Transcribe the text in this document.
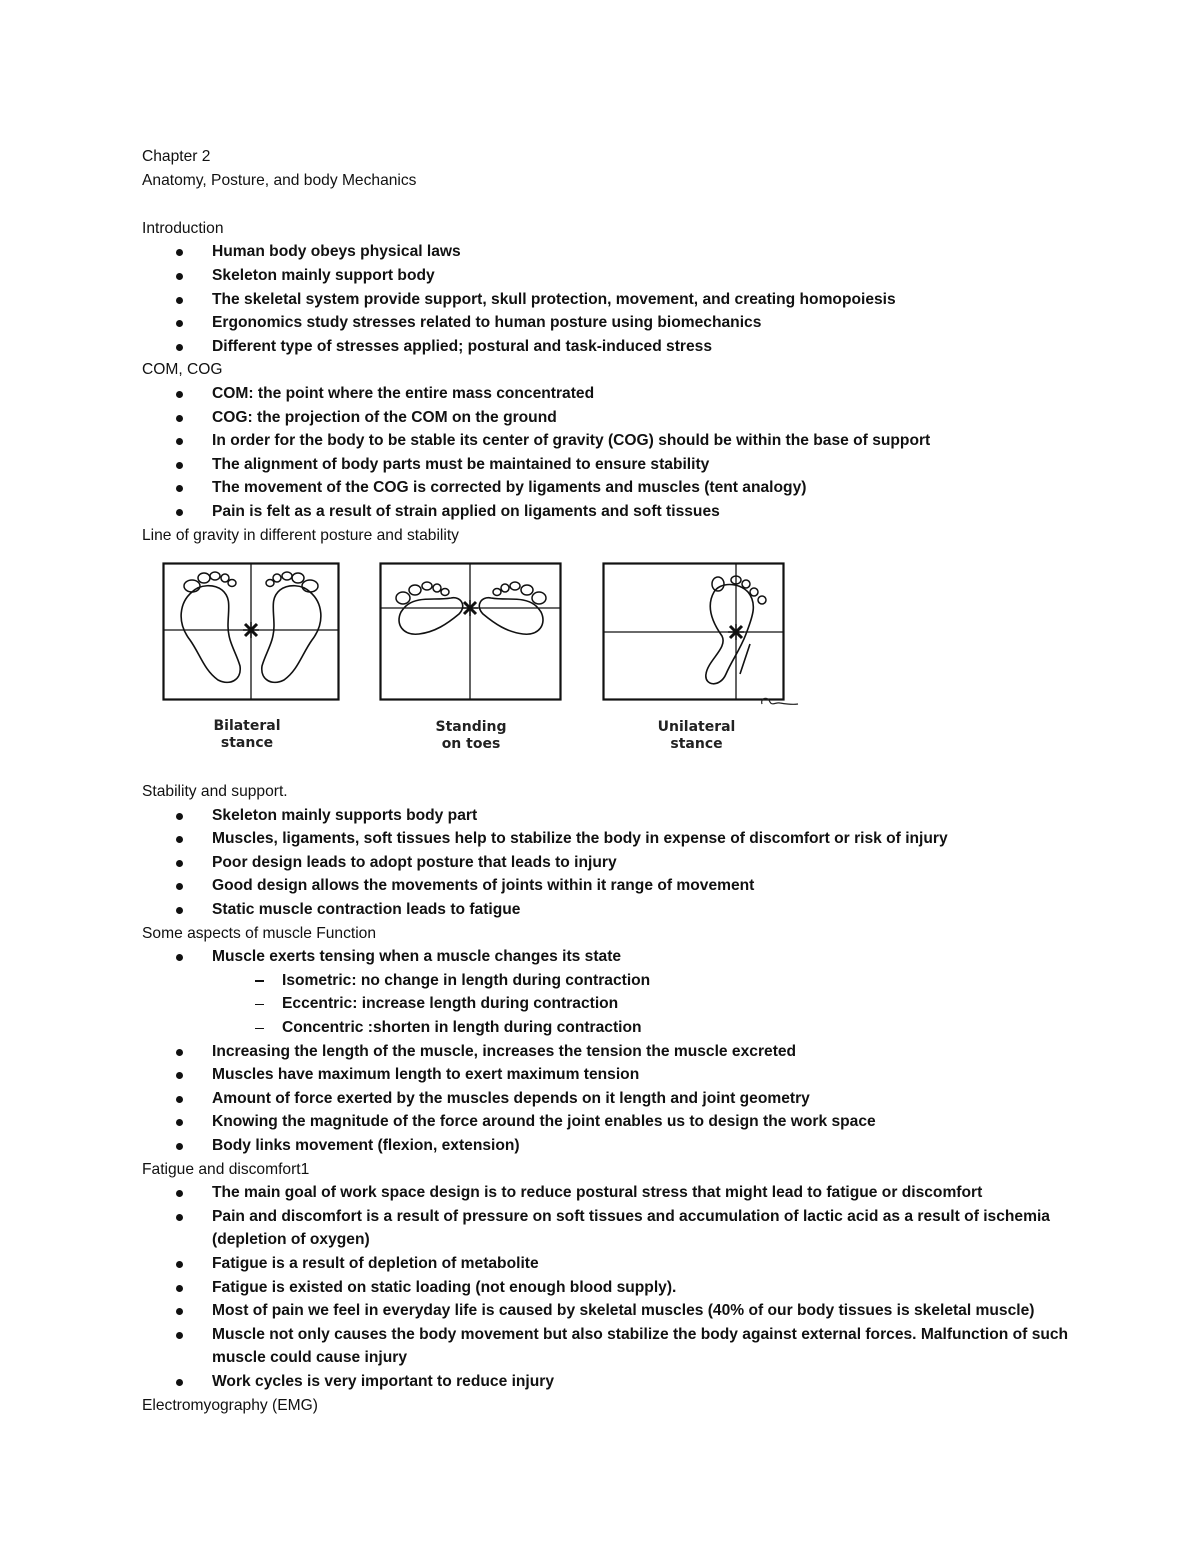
Chapter 2
Anatomy, Posture, and body Mechanics
Introduction
Human body obeys physical laws
Skeleton mainly support body
The skeletal system provide support, skull protection, movement, and creating homopoiesis
Ergonomics study stresses related to human posture using biomechanics
Different type of stresses applied; postural and task-induced stress
COM, COG
COM: the point where the entire mass concentrated
COG: the projection of the COM on the ground
In order for the body to be stable its center of gravity (COG) should be within the base of support
The alignment of body parts must be maintained to ensure stability
The movement of the COG is corrected by ligaments and muscles (tent analogy)
Pain is felt as a result of strain applied on ligaments and soft tissues
Line of gravity in different posture and stability
Bilateral
stance
Standing
on toes
Unilateral
stance
Stability and support.
Skeleton mainly supports body part
Muscles, ligaments, soft tissues help to stabilize the body in expense of discomfort or risk of injury
Poor design leads to adopt posture that leads to injury
Good design allows the movements of joints within it range of movement
Static muscle contraction leads to fatigue
Some aspects of muscle Function
Muscle exerts tensing when a muscle changes its state
Isometric: no change in length during contraction
Eccentric: increase length during contraction
Concentric :shorten in length during contraction
Increasing the length of the muscle, increases the tension the muscle excreted
Muscles have maximum length to exert maximum tension
Amount of force exerted by the muscles depends on it length and joint geometry
Knowing the magnitude of the force around the joint enables us to design the work space
Body links movement (flexion, extension)
Fatigue and discomfort1
The main goal of work space design is to reduce postural stress that might lead to fatigue or discomfort
Pain and discomfort is a result of pressure on soft tissues and accumulation of lactic acid as a result of ischemia (depletion of oxygen)
Fatigue is a result of depletion of metabolite
Fatigue is existed on static loading (not enough blood supply).
Most of pain we feel in everyday life is caused by skeletal muscles (40% of our body tissues is skeletal muscle)
Muscle not only causes the body movement but also stabilize the body against external forces. Malfunction of such muscle could cause injury
Work cycles is very important to reduce injury
Electromyography (EMG)
